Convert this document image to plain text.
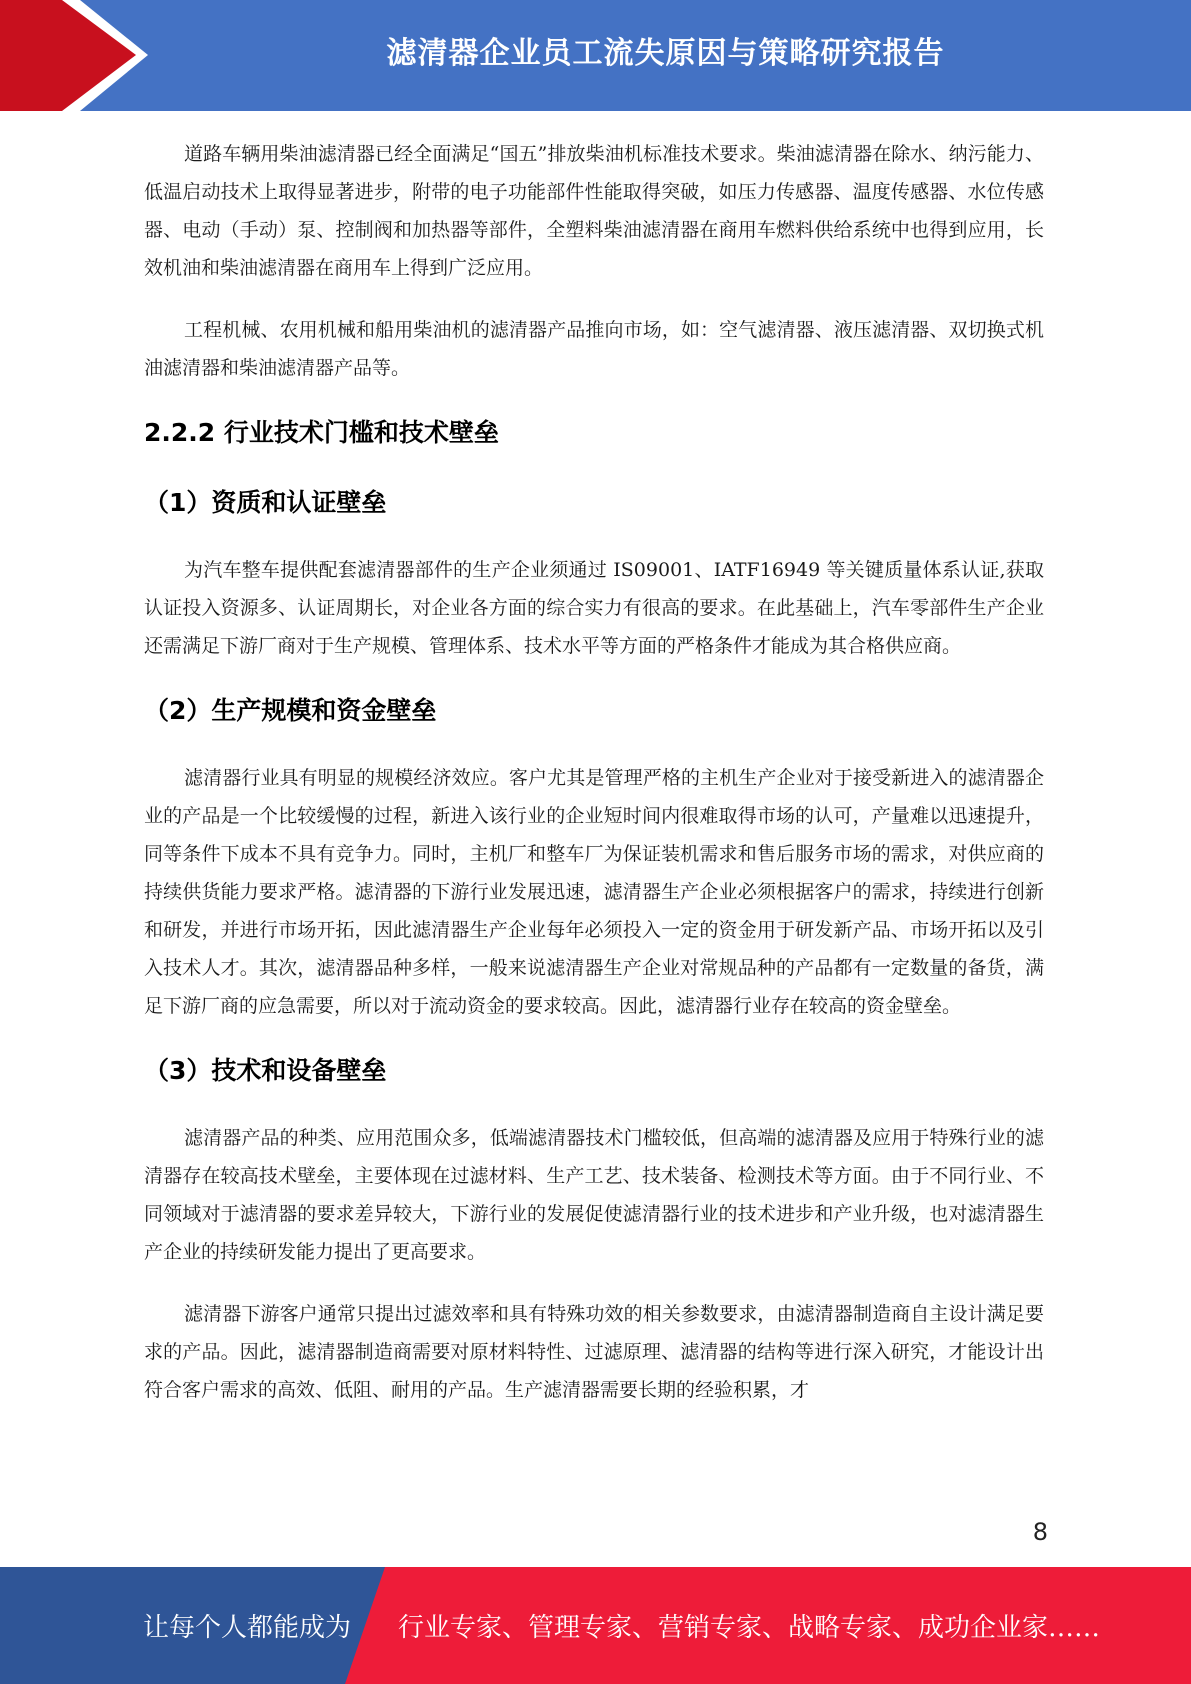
滤清器企业员工流失原因与策略研究报告

道路车辆用柴油滤清器已经全面满足“国五”排放柴油机标准技术要求。柴油滤清器在除水、纳污能力、低温启动技术上取得显著进步，附带的电子功能部件性能取得突破，如压力传感器、温度传感器、水位传感器、电动（手动）泵、控制阀和加热器等部件，全塑料柴油滤清器在商用车燃料供给系统中也得到应用，长效机油和柴油滤清器在商用车上得到广泛应用。

工程机械、农用机械和船用柴油机的滤清器产品推向市场，如：空气滤清器、液压滤清器、双切换式机油滤清器和柴油滤清器产品等。

2.2.2 行业技术门槛和技术壁垒
（1）资质和认证壁垒

为汽车整车提供配套滤清器部件的生产企业须通过 IS09001、IATF16949 等关键质量体系认证,获取认证投入资源多、认证周期长，对企业各方面的综合实力有很高的要求。在此基础上，汽车零部件生产企业还需满足下游厂商对于生产规模、管理体系、技术水平等方面的严格条件才能成为其合格供应商。

（2）生产规模和资金壁垒

滤清器行业具有明显的规模经济效应。客户尤其是管理严格的主机生产企业对于接受新进入的滤清器企业的产品是一个比较缓慢的过程，新进入该行业的企业短时间内很难取得市场的认可，产量难以迅速提升，同等条件下成本不具有竞争力。同时，主机厂和整车厂为保证装机需求和售后服务市场的需求，对供应商的持续供货能力要求严格。滤清器的下游行业发展迅速，滤清器生产企业必须根据客户的需求，持续进行创新和研发，并进行市场开拓，因此滤清器生产企业每年必须投入一定的资金用于研发新产品、市场开拓以及引入技术人才。其次，滤清器品种多样，一般来说滤清器生产企业对常规品种的产品都有一定数量的备货，满足下游厂商的应急需要，所以对于流动资金的要求较高。因此，滤清器行业存在较高的资金壁垒。

（3）技术和设备壁垒

滤清器产品的种类、应用范围众多，低端滤清器技术门槛较低，但高端的滤清器及应用于特殊行业的滤清器存在较高技术壁垒，主要体现在过滤材料、生产工艺、技术装备、检测技术等方面。由于不同行业、不同领域对于滤清器的要求差异较大，下游行业的发展促使滤清器行业的技术进步和产业升级，也对滤清器生产企业的持续研发能力提出了更高要求。

滤清器下游客户通常只提出过滤效率和具有特殊功效的相关参数要求，由滤清器制造商自主设计满足要求的产品。因此，滤清器制造商需要对原材料特性、过滤原理、滤清器的结构等进行深入研究，才能设计出符合客户需求的高效、低阻、耐用的产品。生产滤清器需要长期的经验积累，才

8
让每个人都能成为 行业专家、管理专家、营销专家、战略专家、成功企业家……
